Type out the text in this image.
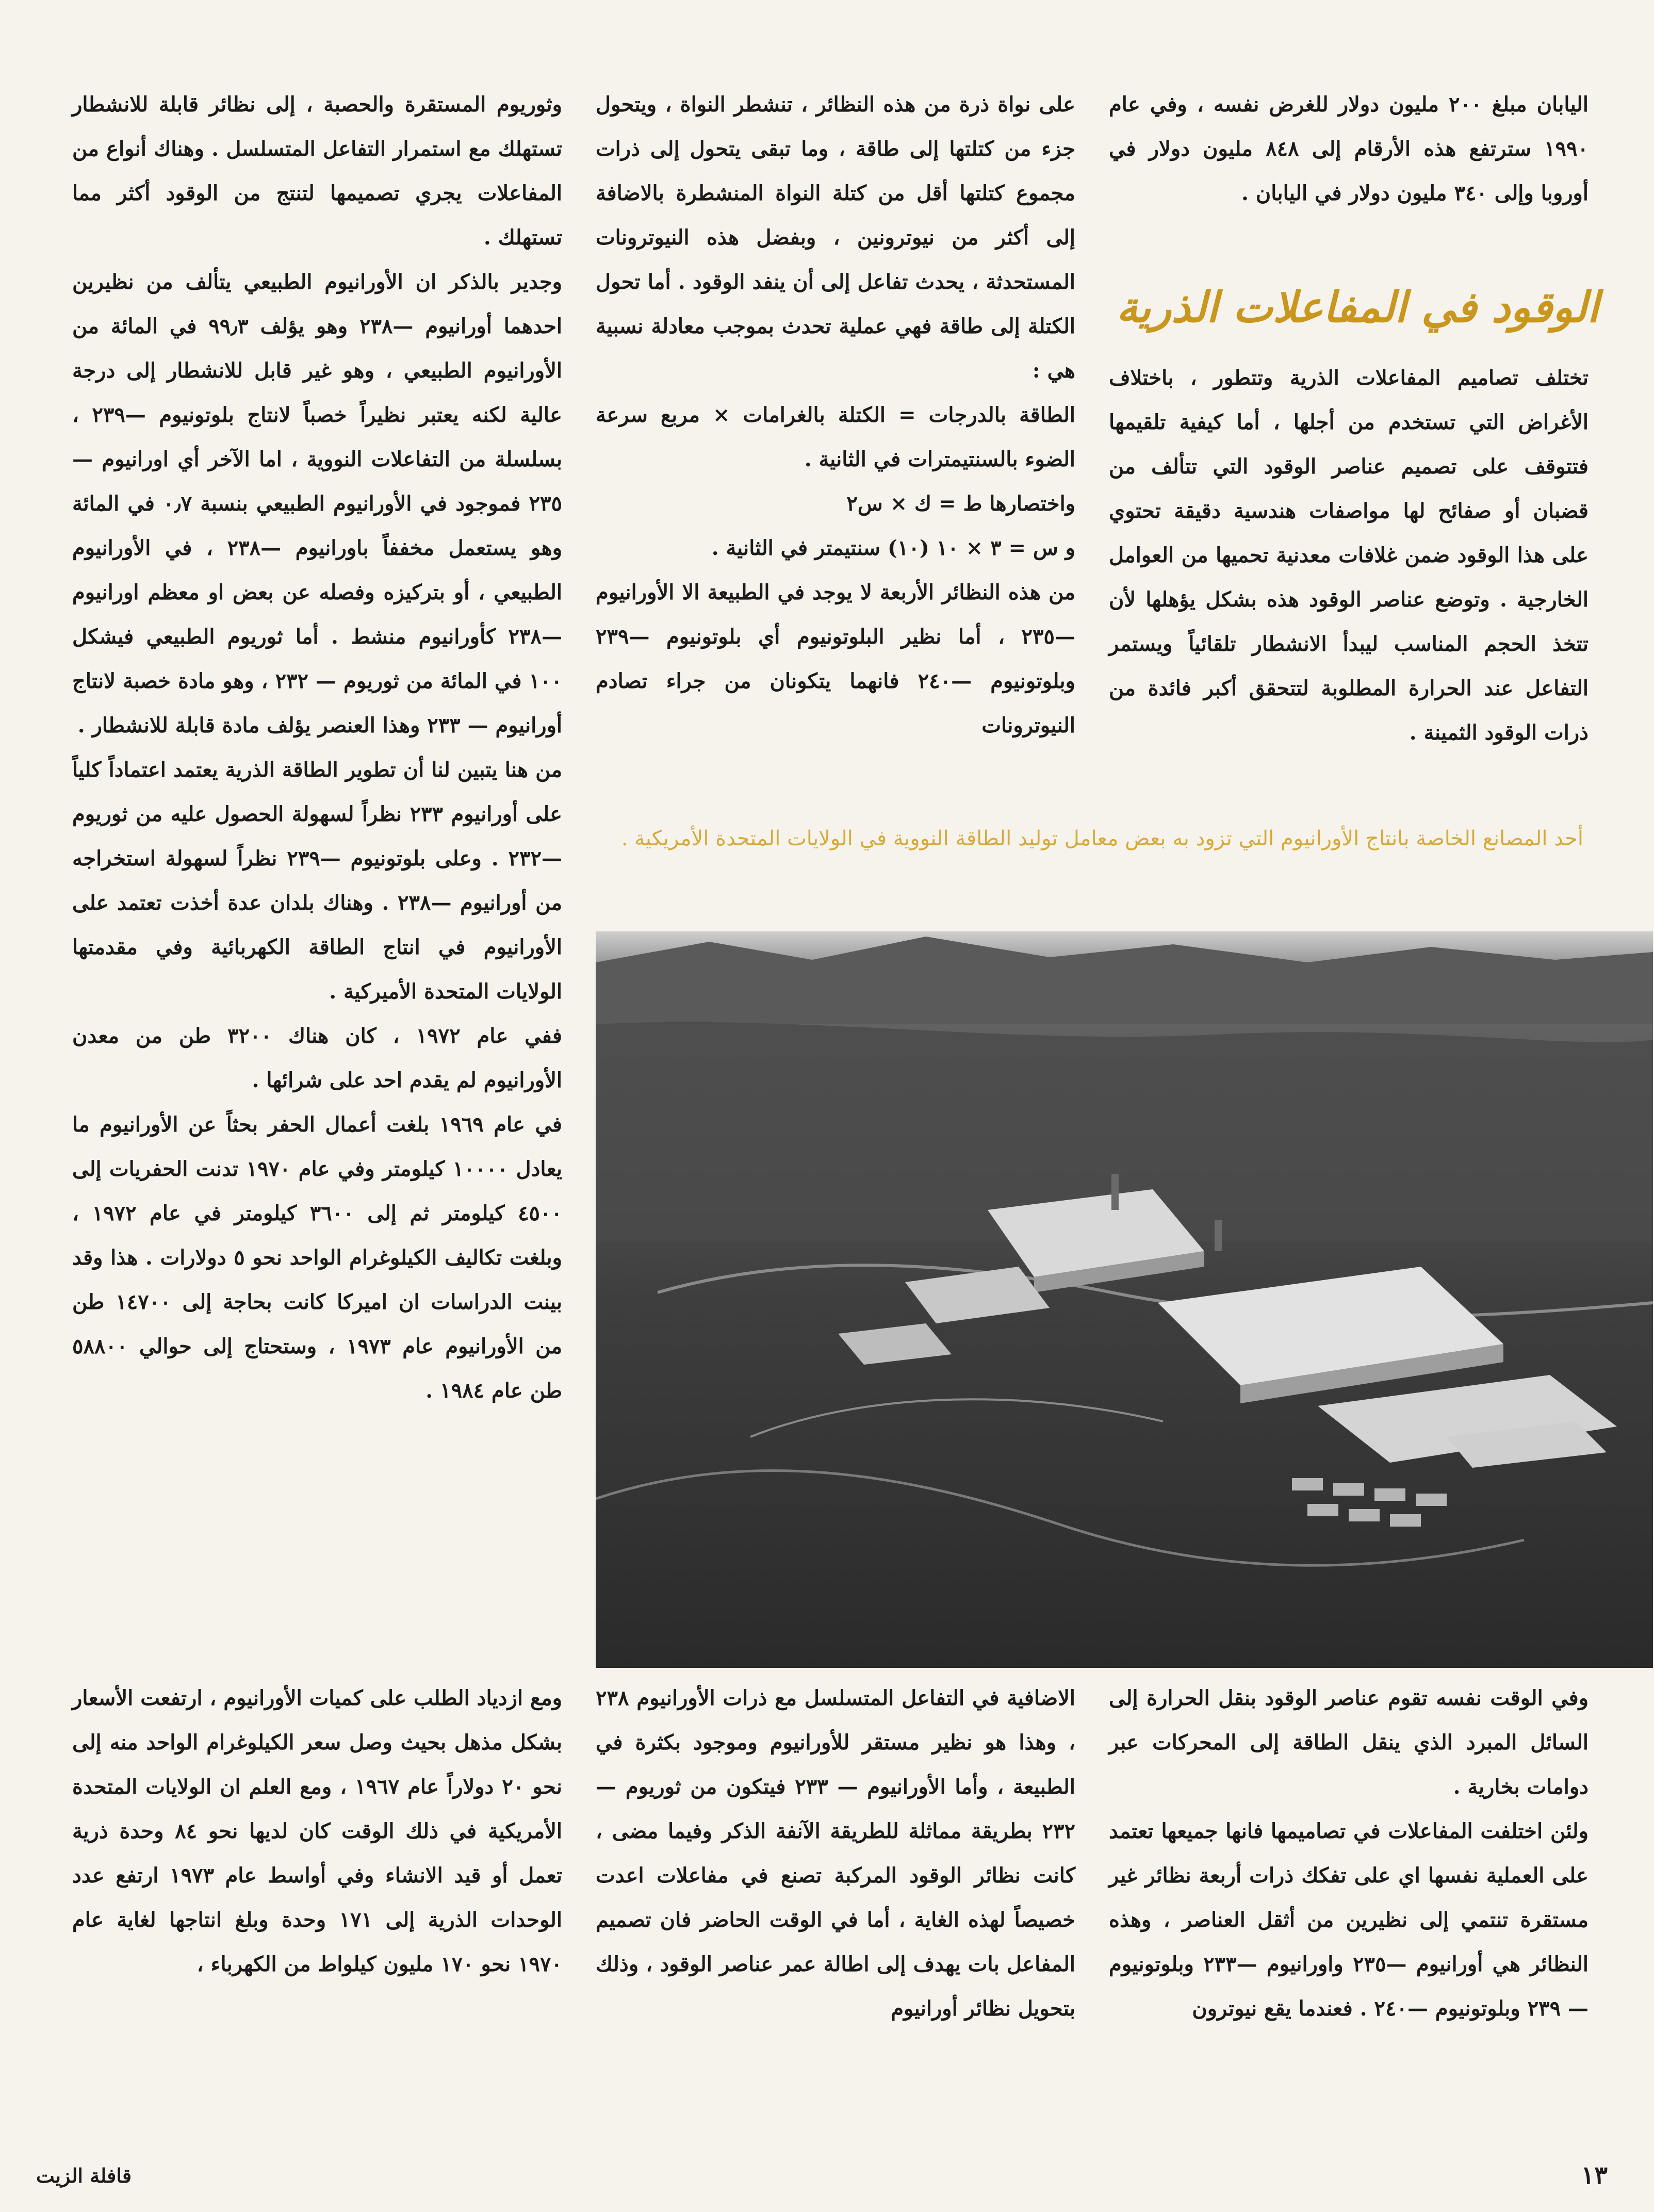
اليابان مبلغ ٢٠٠ مليون دولار للغرض نفسه ، وفي عام ١٩٩٠ سترتفع هذه الأرقام إلى ٨٤٨ مليون دولار في أوروبا وإلى ٣٤٠ مليون دولار في اليابان .
الوقود في المفاعلات الذرية
تختلف تصاميم المفاعلات الذرية وتتطور ، باختلاف الأغراض التي تستخدم من أجلها ، أما كيفية تلقيمها فتتوقف على تصميم عناصر الوقود التي تتألف من قضبان أو صفائح لها مواصفات هندسية دقيقة تحتوي على هذا الوقود ضمن غلافات معدنية تحميها من العوامل الخارجية . وتوضع عناصر الوقود هذه بشكل يؤهلها لأن تتخذ الحجم المناسب ليبدأ الانشطار تلقائياً ويستمر التفاعل عند الحرارة المطلوبة لتتحقق أكبر فائدة من ذرات الوقود الثمينة .
على نواة ذرة من هذه النظائر ، تنشطر النواة ، ويتحول جزء من كتلتها إلى طاقة ، وما تبقى يتحول إلى ذرات مجموع كتلتها أقل من كتلة النواة المنشطرة بالاضافة إلى أكثر من نيوترونين ، وبفضل هذه النيوترونات المستحدثة ، يحدث تفاعل إلى أن ينفد الوقود . أما تحول الكتلة إلى طاقة فهي عملية تحدث بموجب معادلة نسبية هي :
الطاقة بالدرجات = الكتلة بالغرامات × مربع سرعة الضوء بالسنتيمترات في الثانية .
واختصارها ط = ك × س٢
و س = ٣ × ١٠ (١٠) سنتيمتر في الثانية .
من هذه النظائر الأربعة لا يوجد في الطبيعة الا الأورانيوم —٢٣٥ ، أما نظير البلوتونيوم أي بلوتونيوم —٢٣٩ وبلوتونيوم —٢٤٠ فانهما يتكونان من جراء تصادم النيوترونات
وثوريوم المستقرة والحصبة ، إلى نظائر قابلة للانشطار تستهلك مع استمرار التفاعل المتسلسل . وهناك أنواع من المفاعلات يجري تصميمها لتنتج من الوقود أكثر مما تستهلك .
وجدير بالذكر ان الأورانيوم الطبيعي يتألف من نظيرين احدهما أورانيوم —٢٣٨ وهو يؤلف ٩٩٫٣ في المائة من الأورانيوم الطبيعي ، وهو غير قابل للانشطار إلى درجة عالية لكنه يعتبر نظيراً خصباً لانتاج بلوتونيوم —٢٣٩ ، بسلسلة من التفاعلات النووية ، اما الآخر أي اورانيوم —٢٣٥ فموجود في الأورانيوم الطبيعي بنسبة ٠٫٧ في المائة وهو يستعمل مخففاً باورانيوم —٢٣٨ ، في الأورانيوم الطبيعي ، أو بتركيزه وفصله عن بعض او معظم اورانيوم —٢٣٨ كأورانيوم منشط . أما ثوريوم الطبيعي فيشكل ١٠٠ في المائة من ثوريوم — ٢٣٢ ، وهو مادة خصبة لانتاج أورانيوم — ٢٣٣ وهذا العنصر يؤلف مادة قابلة للانشطار .
من هنا يتبين لنا أن تطوير الطاقة الذرية يعتمد اعتماداً كلياً على أورانيوم ٢٣٣ نظراً لسهولة الحصول عليه من ثوريوم —٢٣٢ . وعلى بلوتونيوم —٢٣٩ نظراً لسهولة استخراجه من أورانيوم —٢٣٨ . وهناك بلدان عدة أخذت تعتمد على الأورانيوم في انتاج الطاقة الكهربائية وفي مقدمتها الولايات المتحدة الأميركية .
ففي عام ١٩٧٢ ، كان هناك ٣٢٠٠ طن من معدن الأورانيوم لم يقدم احد على شرائها .
في عام ١٩٦٩ بلغت أعمال الحفر بحثاً عن الأورانيوم ما يعادل ١٠٠٠٠ كيلومتر وفي عام ١٩٧٠ تدنت الحفريات إلى ٤٥٠٠ كيلومتر ثم إلى ٣٦٠٠ كيلومتر في عام ١٩٧٢ ، وبلغت تكاليف الكيلوغرام الواحد نحو ٥ دولارات . هذا وقد بينت الدراسات ان اميركا كانت بحاجة إلى ١٤٧٠٠ طن من الأورانيوم عام ١٩٧٣ ، وستحتاج إلى حوالي ٥٨٨٠٠ طن عام ١٩٨٤ .
أحد المصانع الخاصة بانتاج الأورانيوم التي تزود به بعض معامل توليد الطاقة النووية في الولايات المتحدة الأمريكية .
ومع ازدياد الطلب على كميات الأورانيوم ، ارتفعت الأسعار بشكل مذهل بحيث وصل سعر الكيلوغرام الواحد منه إلى نحو ٢٠ دولاراً عام ١٩٦٧ ، ومع العلم ان الولايات المتحدة الأمريكية في ذلك الوقت كان لديها نحو ٨٤ وحدة ذرية تعمل أو قيد الانشاء وفي أواسط عام ١٩٧٣ ارتفع عدد الوحدات الذرية إلى ١٧١ وحدة وبلغ انتاجها لغاية عام ١٩٧٠ نحو ١٧٠ مليون كيلواط من الكهرباء ،
الاضافية في التفاعل المتسلسل مع ذرات الأورانيوم ٢٣٨ ، وهذا هو نظير مستقر للأورانيوم وموجود بكثرة في الطبيعة ، وأما الأورانيوم — ٢٣٣ فيتكون من ثوريوم —٢٣٢ بطريقة مماثلة للطريقة الآنفة الذكر وفيما مضى ، كانت نظائر الوقود المركبة تصنع في مفاعلات اعدت خصيصاً لهذه الغاية ، أما في الوقت الحاضر فان تصميم المفاعل بات يهدف إلى اطالة عمر عناصر الوقود ، وذلك بتحويل نظائر أورانيوم
وفي الوقت نفسه تقوم عناصر الوقود بنقل الحرارة إلى السائل المبرد الذي ينقل الطاقة إلى المحركات عبر دوامات بخارية .
ولئن اختلفت المفاعلات في تصاميمها فانها جميعها تعتمد على العملية نفسها اي على تفكك ذرات أربعة نظائر غير مستقرة تنتمي إلى نظيرين من أثقل العناصر ، وهذه النظائر هي أورانيوم —٢٣٥ واورانيوم —٢٣٣ وبلوتونيوم— ٢٣٩ وبلوتونيوم —٢٤٠ . فعندما يقع نيوترون
١٣
قافلة الزيت
